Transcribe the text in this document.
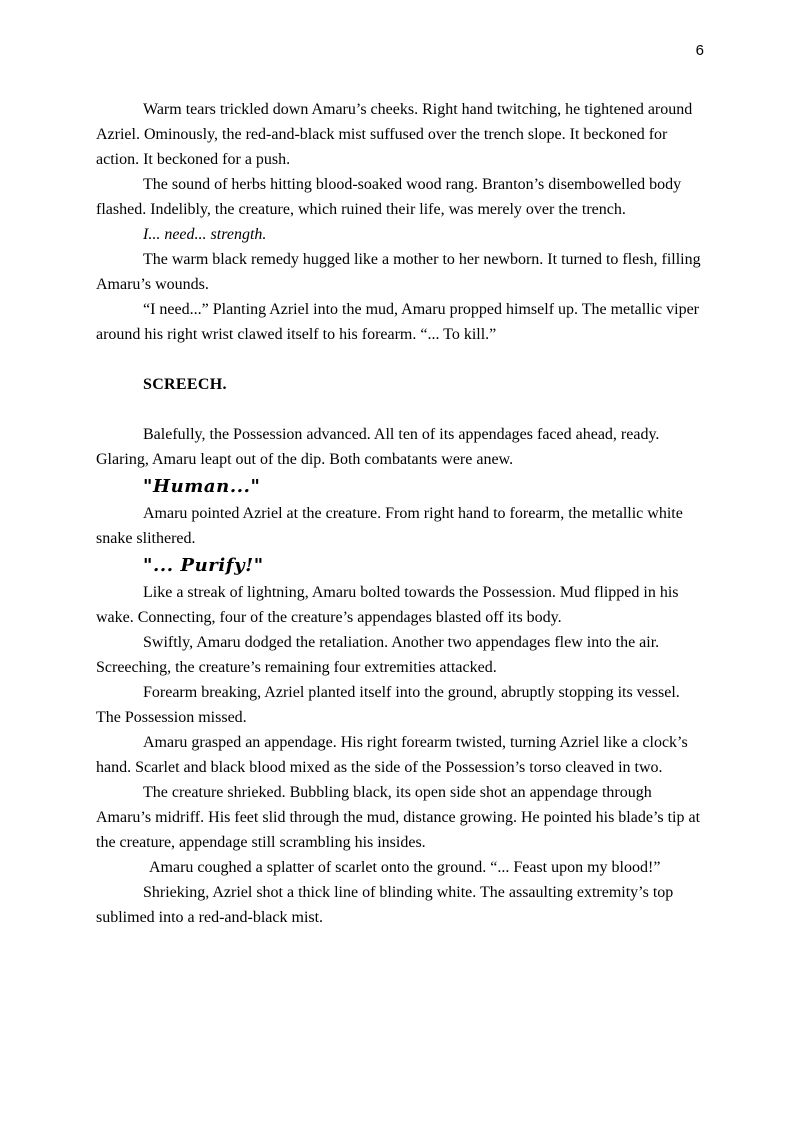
6

Warm tears trickled down Amaru’s cheeks. Right hand twitching, he tightened around Azriel. Ominously, the red-and-black mist suffused over the trench slope. It beckoned for action. It beckoned for a push.

The sound of herbs hitting blood-soaked wood rang. Branton’s disembowelled body flashed. Indelibly, the creature, which ruined their life, was merely over the trench.

I... need... strength.

The warm black remedy hugged like a mother to her newborn. It turned to flesh, filling Amaru’s wounds.

“I need...” Planting Azriel into the mud, Amaru propped himself up. The metallic viper around his right wrist clawed itself to his forearm. “... To kill.”

SCREECH.

Balefully, the Possession advanced. All ten of its appendages faced ahead, ready. Glaring, Amaru leapt out of the dip. Both combatants were anew.

"Human..."

Amaru pointed Azriel at the creature. From right hand to forearm, the metallic white snake slithered.

"... Purify!"

Like a streak of lightning, Amaru bolted towards the Possession. Mud flipped in his wake. Connecting, four of the creature’s appendages blasted off its body.

Swiftly, Amaru dodged the retaliation. Another two appendages flew into the air. Screeching, the creature’s remaining four extremities attacked.

Forearm breaking, Azriel planted itself into the ground, abruptly stopping its vessel. The Possession missed.

Amaru grasped an appendage. His right forearm twisted, turning Azriel like a clock’s hand. Scarlet and black blood mixed as the side of the Possession’s torso cleaved in two.

The creature shrieked. Bubbling black, its open side shot an appendage through Amaru’s midriff. His feet slid through the mud, distance growing. He pointed his blade’s tip at the creature, appendage still scrambling his insides.

Amaru coughed a splatter of scarlet onto the ground. “... Feast upon my blood!”

Shrieking, Azriel shot a thick line of blinding white. The assaulting extremity’s top sublimed into a red-and-black mist.
